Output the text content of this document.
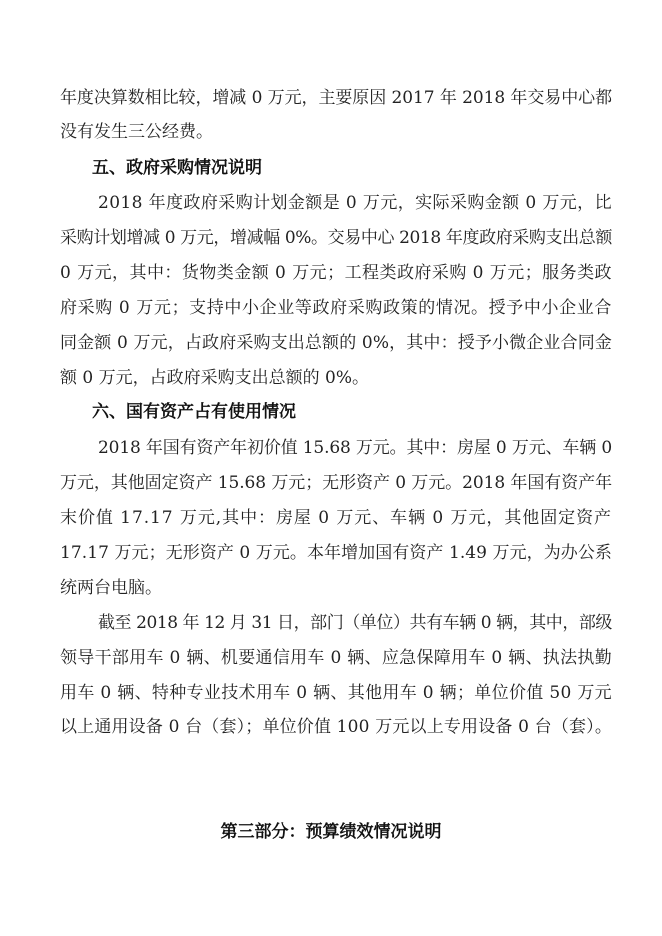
年度决算数相比较，增减 0 万元，主要原因 2017 年 2018 年交易中心都
没有发生三公经费。
五、政府采购情况说明
2018 年度政府采购计划金额是 0 万元，实际采购金额 0 万元，比
采购计划增减 0 万元，增减幅 0%。交易中心 2018 年度政府采购支出总额
0 万元，其中：货物类金额 0 万元；工程类政府采购 0 万元；服务类政
府采购 0 万元；支持中小企业等政府采购政策的情况。授予中小企业合
同金额 0 万元，占政府采购支出总额的 0%，其中：授予小微企业合同金
额 0 万元，占政府采购支出总额的 0%。
六、国有资产占有使用情况
2018 年国有资产年初价值 15.68 万元。其中：房屋 0 万元、车辆 0
万元，其他固定资产 15.68 万元；无形资产 0 万元。2018 年国有资产年
末价值 17.17 万元,其中：房屋 0 万元、车辆 0 万元，其他固定资产
17.17 万元；无形资产 0 万元。本年增加国有资产 1.49 万元，为办公系
统两台电脑。
截至 2018 年 12 月 31 日，部门（单位）共有车辆 0 辆，其中，部级
领导干部用车 0 辆、机要通信用车 0 辆、应急保障用车 0 辆、执法执勤
用车 0 辆、特种专业技术用车 0 辆、其他用车 0 辆；单位价值 50 万元
以上通用设备 0 台（套）；单位价值 100 万元以上专用设备 0 台（套）。
第三部分：预算绩效情况说明
